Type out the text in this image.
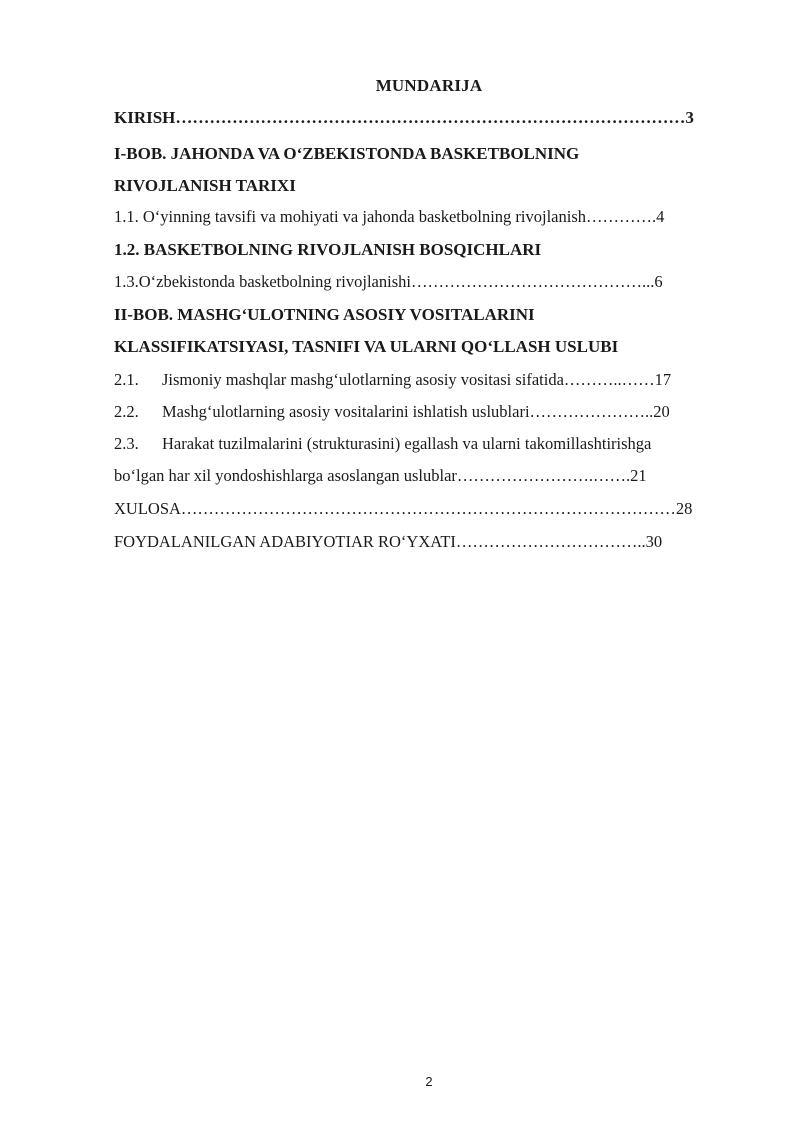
MUNDARIJA
KIRISH………………………………………………………………………………3
I-BOB. JAHONDA VA O‘ZBEKISTONDA BASKETBOLNING
RIVOJLANISH TARIXI
1.1. O‘yinning tavsifi va mohiyati va jahonda basketbolning rivojlanish………….4
1.2. BASKETBOLNING RIVOJLANISH BOSQICHLARI
1.3.O‘zbekistonda basketbolning rivojlanishi……………………………………...6
II-BOB. MASHG‘ULOTNING ASOSIY VOSITALARINI
KLASSIFIKATSIYASI, TASNIFI VA ULARNI QO‘LLASH USLUBI
2.1. Jismoniy mashqlar mashg‘ulotlarning asosiy vositasi sifatida………..……17
2.2. Mashg‘ulotlarning asosiy vositalarini ishlatish uslublari…………………..20
2.3. Harakat tuzilmalarini (strukturasini) egallash va ularni takomillashtirishga
bo‘lgan har xil yondoshishlarga asoslangan uslublar…………………….…….21
XULOSA………………………………………………………………………………28
FOYDALANILGAN ADABIYOTIAR RO‘YXATI……………………………..30
2
